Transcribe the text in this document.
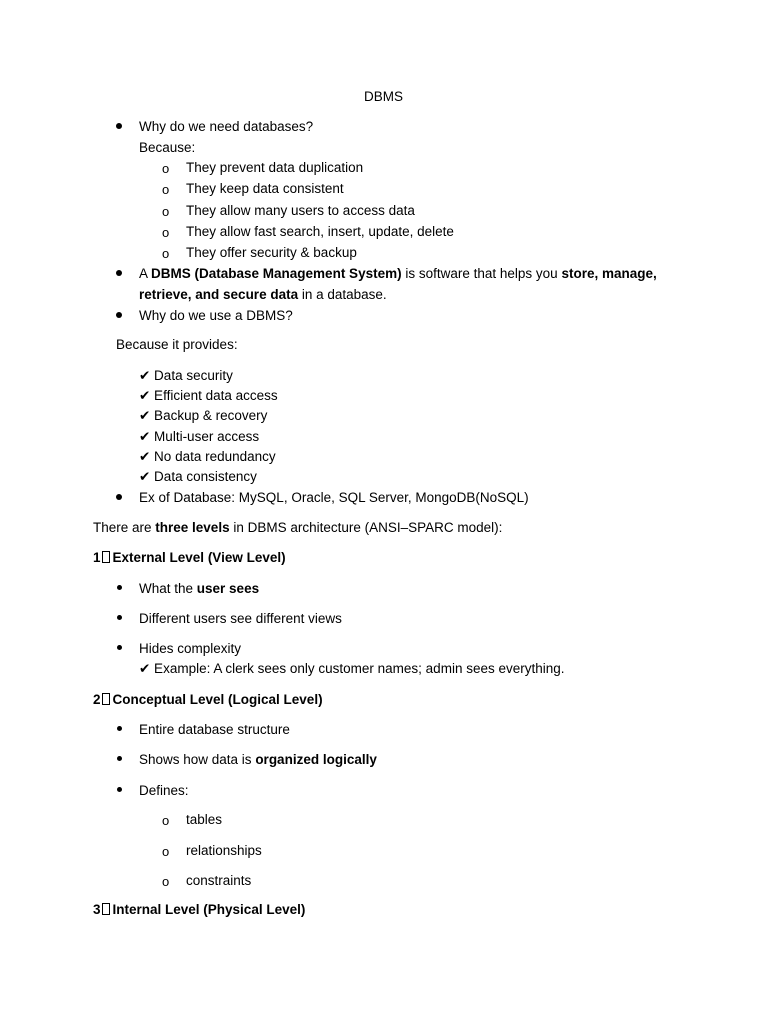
DBMS
Why do we need databases?
Because:
o They prevent data duplication
o They keep data consistent
o They allow many users to access data
o They allow fast search, insert, update, delete
o They offer security & backup
A DBMS (Database Management System) is software that helps you store, manage,
retrieve, and secure data in a database.
Why do we use a DBMS?
Because it provides:
✔ Data security
✔ Efficient data access
✔ Backup & recovery
✔ Multi-user access
✔ No data redundancy
✔ Data consistency
Ex of Database: MySQL, Oracle, SQL Server, MongoDB(NoSQL)
There are three levels in DBMS architecture (ANSI–SPARC model):
1 External Level (View Level)
What the user sees
Different users see different views
Hides complexity
✔ Example: A clerk sees only customer names; admin sees everything.
2 Conceptual Level (Logical Level)
Entire database structure
Shows how data is organized logically
Defines:
o tables
o relationships
o constraints
3 Internal Level (Physical Level)
